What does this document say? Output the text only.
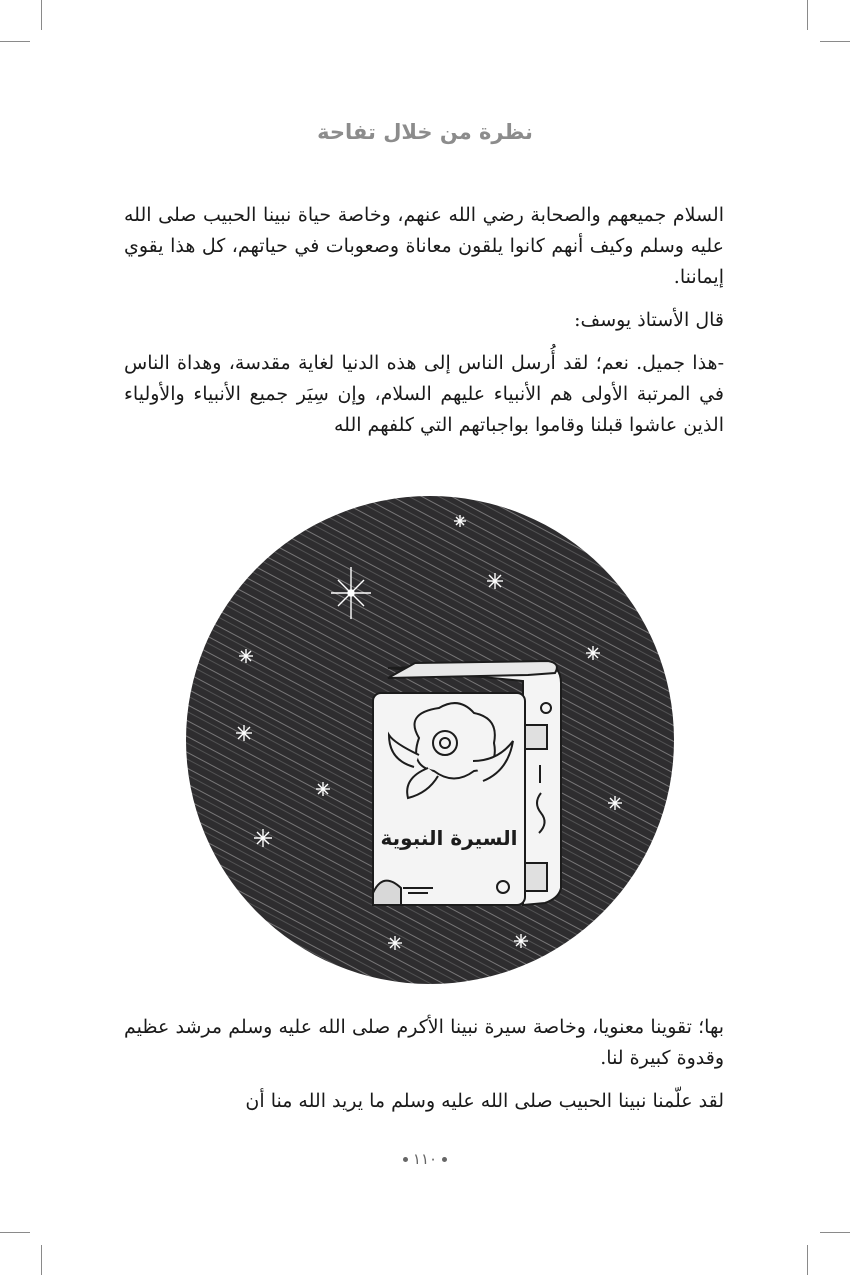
نظرة من خلال تفاحة

السلام جميعهم والصحابة رضي الله عنهم، وخاصة حياة نبينا الحبيب صلى الله عليه وسلم وكيف أنهم كانوا يلقون معاناة وصعوبات في حياتهم، كل هذا يقوي إيماننا.

قال الأستاذ يوسف:

-هذا جميل. نعم؛ لقد أُرسل الناس إلى هذه الدنيا لغاية مقدسة، وهداة الناس في المرتبة الأولى هم الأنبياء عليهم السلام، وإن سِيَر جميع الأنبياء والأولياء الذين عاشوا قبلنا وقاموا بواجباتهم التي كلفهم الله

السيرة النبوية

بها؛ تقوينا معنويا، وخاصة سيرة نبينا الأكرم صلى الله عليه وسلم مرشد عظيم وقدوة كبيرة لنا.

لقد علّمنا نبينا الحبيب صلى الله عليه وسلم ما يريد الله منا أن

١١٠
